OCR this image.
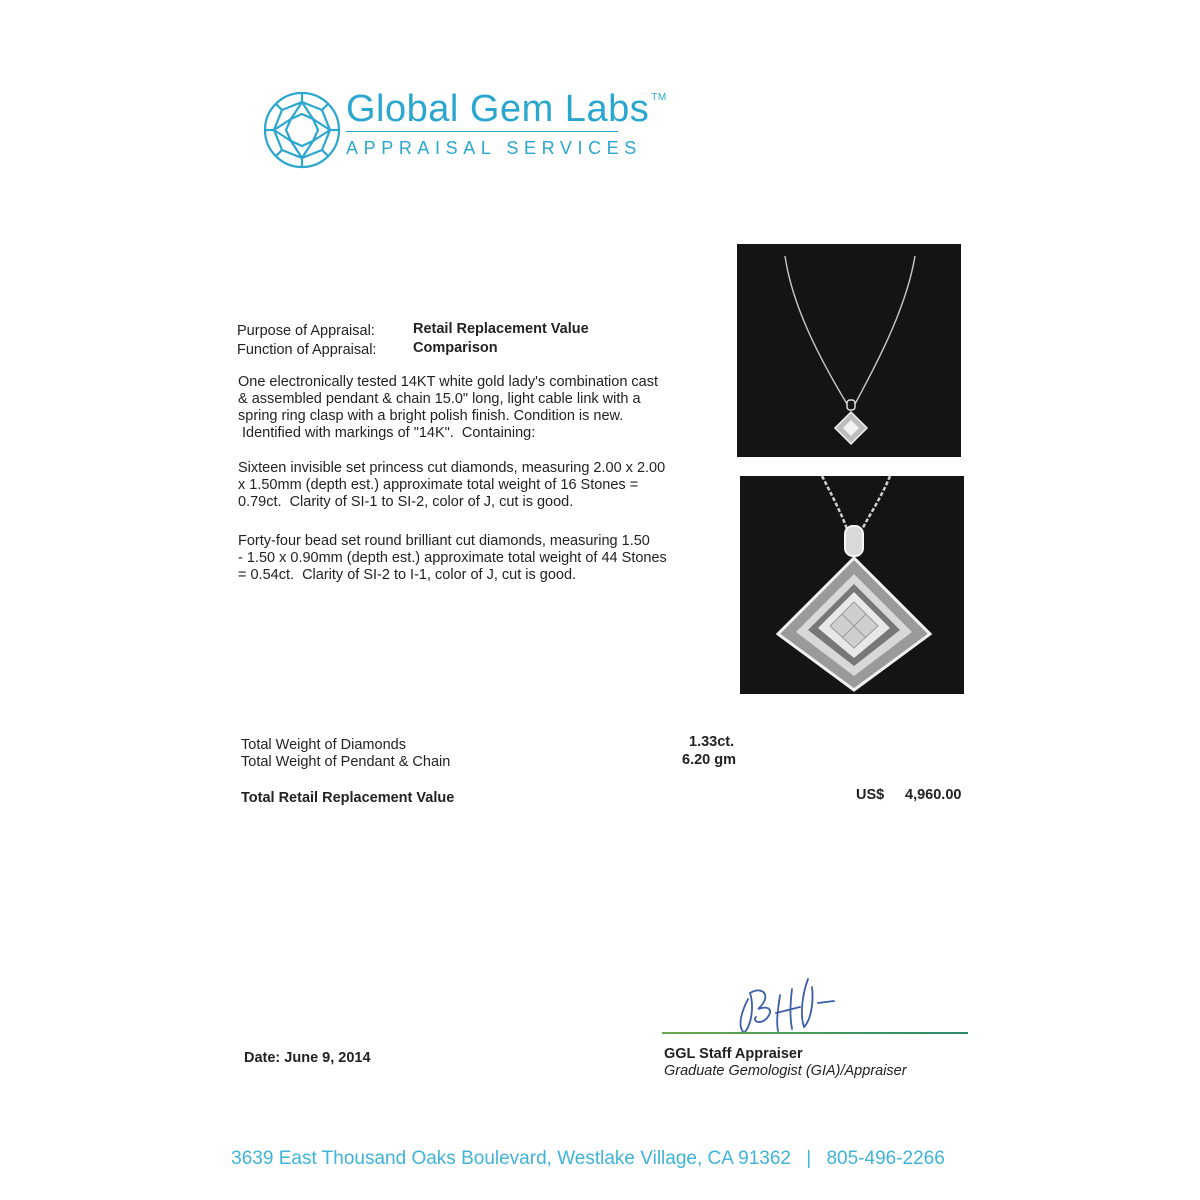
Global Gem Labs ™
APPRAISAL SERVICES
Purpose of Appraisal:	Retail Replacement Value
Function of Appraisal:	Comparison
One electronically tested 14KT white gold lady's combination cast
& assembled pendant & chain 15.0" long, light cable link with a
spring ring clasp with a bright polish finish. Condition is new.
Identified with markings of "14K".  Containing:
Sixteen invisible set princess cut diamonds, measuring 2.00 x 2.00
x 1.50mm (depth est.) approximate total weight of 16 Stones =
0.79ct.  Clarity of SI-1 to SI-2, color of J, cut is good.
Forty-four bead set round brilliant cut diamonds, measuring 1.50
- 1.50 x 0.90mm (depth est.) approximate total weight of 44 Stones
= 0.54ct.  Clarity of SI-2 to I-1, color of J, cut is good.
Total Weight of Diamonds	1.33ct.
Total Weight of Pendant & Chain	6.20 gm
Total Retail Replacement Value	US$ 4,960.00
Date: June 9, 2014	GGL Staff Appraiser
Graduate Gemologist (GIA)/Appraiser
3639 East Thousand Oaks Boulevard, Westlake Village, CA 91362 | 805-496-2266
